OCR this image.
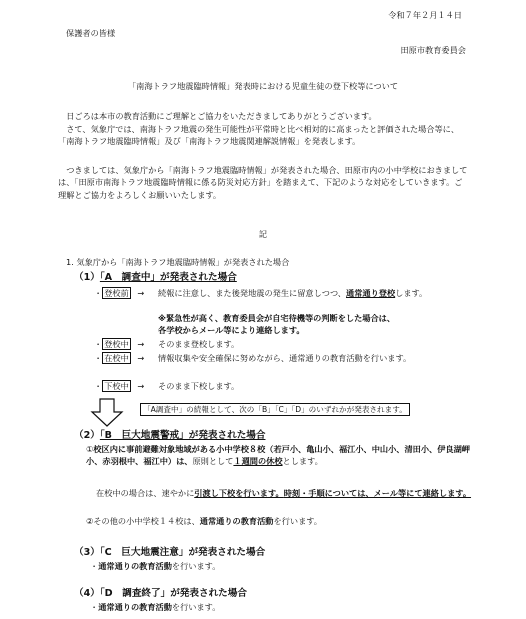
令和７年２月１４日
保護者の皆様
田原市教育委員会
「南海トラフ地震臨時情報」発表時における児童生徒の登下校等について
日ごろは本市の教育活動にご理解とご協力をいただきましてありがとうございます。
さて、気象庁では、南海トラフ地震の発生可能性が平常時と比べ相対的に高まったと評価された場合等に、「南海トラフ地震臨時情報」及び「南海トラフ地震関連解説情報」を発表します。
つきましては、気象庁から「南海トラフ地震臨時情報」が発表された場合、田原市内の小中学校におきましては、「田原市南海トラフ地震臨時情報に係る防災対応方針」を踏まえて、下記のような対応をしていきます。ご理解とご協力をよろしくお願いいたします。
記
1. 気象庁から「南海トラフ地震臨時情報」が発表された場合
（1）「A　調査中」が発表された場合
・ 登校前 →	続報に注意し、また後発地震の発生に留意しつつ、通常通り登校します。
※緊急性が高く、教育委員会が自宅待機等の判断をした場合は、
各学校からメール等により連絡します。
・ 登校中 →	そのまま登校します。
・ 在校中 →	情報収集や安全確保に努めながら、通常通りの教育活動を行います。
・ 下校中 →	そのまま下校します。
「A調査中」の続報として、次の「B」「C」「D」のいずれかが発表されます。
（2）「B　巨大地震警戒」が発表された場合
①校区内に事前避難対象地域がある小中学校８校（若戸小、亀山小、福江小、中山小、清田小、伊良湖岬小、赤羽根中、福江中）は、原則として１週間の休校とします。
在校中の場合は、速やかに引渡し下校を行います。時刻・手順については、メール等にて連絡します。
②その他の小中学校１４校は、通常通りの教育活動を行います。
（3）「C　巨大地震注意」が発表された場合
・通常通りの教育活動を行います。
（4）「D　調査終了」が発表された場合
・通常通りの教育活動を行います。
